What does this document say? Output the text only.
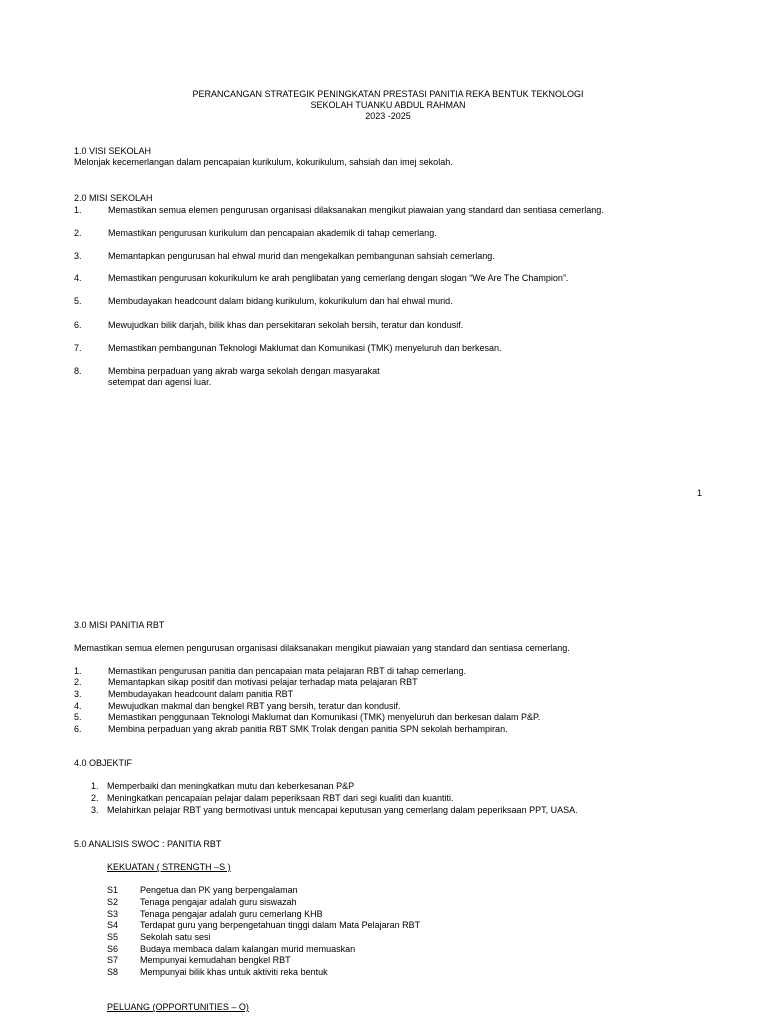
PERANCANGAN STRATEGIK PENINGKATAN PRESTASI PANITIA REKA BENTUK TEKNOLOGI
SEKOLAH TUANKU ABDUL RAHMAN
2023 -2025
1.0 VISI SEKOLAH
Melonjak kecemerlangan dalam pencapaian kurikulum, kokurikulum, sahsiah dan imej sekolah.
2.0 MISI SEKOLAH
1.	Memastikan semua elemen pengurusan organisasi dilaksanakan mengikut piawaian yang standard dan sentiasa cemerlang.
2.	Memastikan pengurusan kurikulum dan pencapaian akademik di tahap cemerlang.
3.	Memantapkan pengurusan hal ehwal murid dan mengekalkan pembangunan sahsiah cemerlang.
4.	Memastikan pengurusan kokurikulum ke arah penglibatan yang cemerlang dengan slogan “We Are The Champion”.
5.	Membudayakan headcount dalam bidang kurikulum, kokurikulum dan hal ehwal murid.
6.	Mewujudkan bilik darjah, bilik khas dan persekitaran sekolah bersih, teratur dan kondusif.
7.	Memastikan pembangunan Teknologi Maklumat dan Komunikasi (TMK) menyeluruh dan berkesan.
8.	Membina perpaduan yang akrab warga sekolah dengan masyarakat
setempat dan agensi luar.
1
3.0 MISI PANITIA RBT
Memastikan semua elemen pengurusan organisasi dilaksanakan mengikut piawaian yang standard dan sentiasa cemerlang.
1.	Memastikan pengurusan panitia dan pencapaian mata pelajaran RBT di tahap cemerlang.
2.	Memantapkan sikap positif dan motivasi pelajar terhadap mata pelajaran RBT
3.	Membudayakan headcount dalam panitia RBT
4.	Mewujudkan makmal dan bengkel RBT yang bersih, teratur dan kondusif.
5.	Memastikan penggunaan Teknologi Maklumat dan Komunikasi (TMK) menyeluruh dan berkesan dalam P&P.
6.	Membina perpaduan yang akrab panitia RBT SMK Trolak dengan panitia SPN sekolah berhampiran.
4.0 OBJEKTIF
1. Memperbaiki dan meningkatkan mutu dan keberkesanan P&P
2. Meningkatkan pencapaian pelajar dalam peperiksaan RBT dari segi kualiti dan kuantiti.
3. Melahirkan pelajar RBT yang bermotivasi untuk mencapai keputusan yang cemerlang dalam peperiksaan PPT, UASA.
5.0 ANALISIS SWOC : PANITIA RBT
KEKUATAN ( STRENGTH –S )
S1 Pengetua dan PK yang berpengalaman
S2 Tenaga pengajar adalah guru siswazah
S3 Tenaga pengajar adalah guru cemerlang KHB
S4 Terdapat guru yang berpengetahuan tinggi dalam Mata Pelajaran RBT
S5 Sekolah satu sesi
S6 Budaya membaca dalam kalangan murid memuaskan
S7 Mempunyai kemudahan bengkel RBT
S8 Mempunyai bilik khas untuk aktiviti reka bentuk
PELUANG (OPPORTUNITIES – O)
